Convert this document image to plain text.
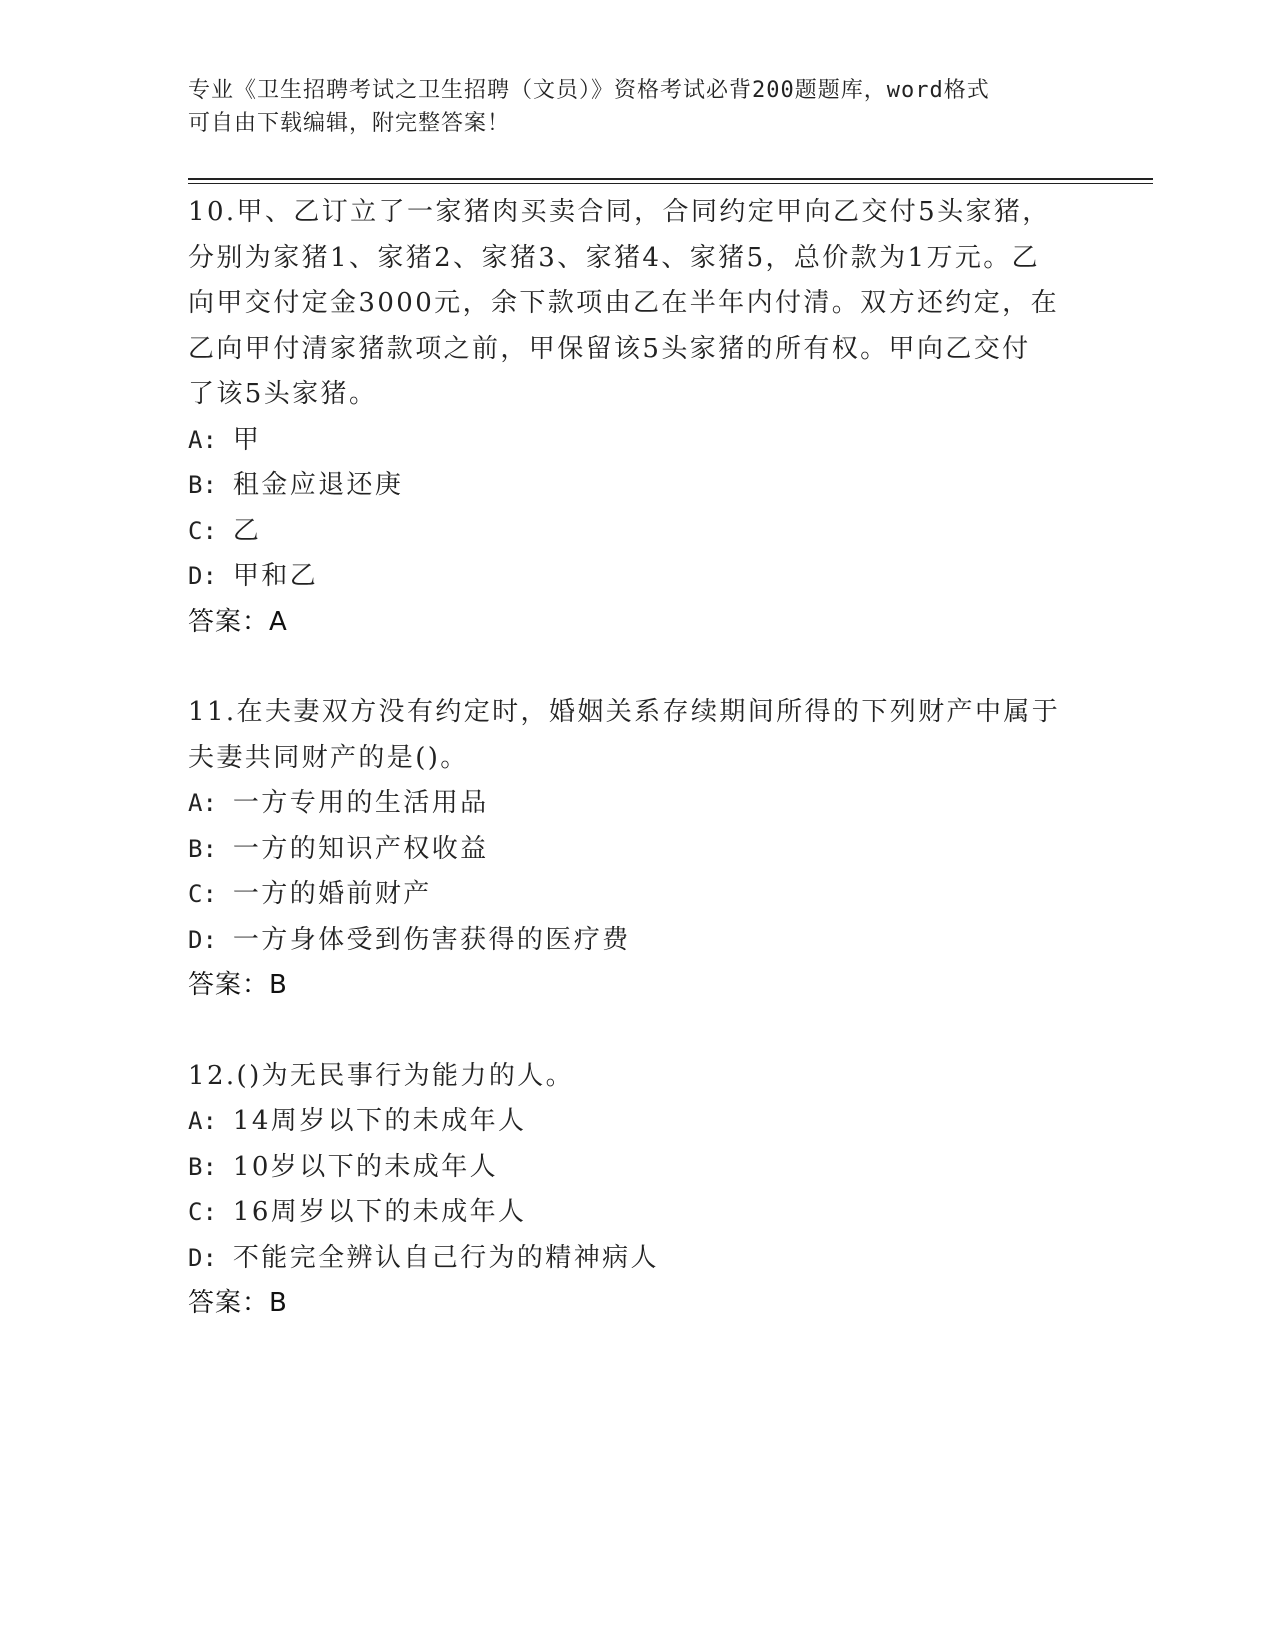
专业《卫生招聘考试之卫生招聘（文员）》资格考试必背200题题库，word格式
可自由下载编辑，附完整答案！
10.甲、乙订立了一家猪肉买卖合同，合同约定甲向乙交付5头家猪，
分别为家猪1、家猪2、家猪3、家猪4、家猪5，总价款为1万元。乙
向甲交付定金3000元，余下款项由乙在半年内付清。双方还约定，在
乙向甲付清家猪款项之前，甲保留该5头家猪的所有权。甲向乙交付
了该5头家猪。
A: 甲
B: 租金应退还庚
C: 乙
D: 甲和乙
答案：A
11.在夫妻双方没有约定时，婚姻关系存续期间所得的下列财产中属于
夫妻共同财产的是()。
A: 一方专用的生活用品
B: 一方的知识产权收益
C: 一方的婚前财产
D: 一方身体受到伤害获得的医疗费
答案：B
12.()为无民事行为能力的人。
A: 14周岁以下的未成年人
B: 10岁以下的未成年人
C: 16周岁以下的未成年人
D: 不能完全辨认自己行为的精神病人
答案：B
